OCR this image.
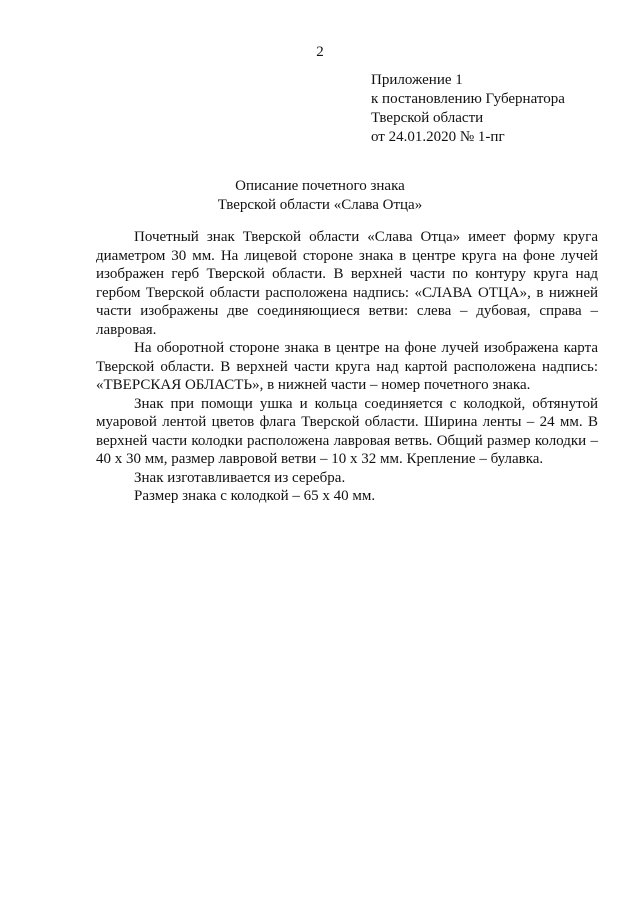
2
Приложение 1
к постановлению Губернатора
Тверской области
от 24.01.2020 № 1-пг
Описание почетного знака
Тверской области «Слава Отца»

Почетный знак Тверской области «Слава Отца» имеет форму круга диаметром 30 мм. На лицевой стороне знака в центре круга на фоне лучей изображен герб Тверской области. В верхней части по контуру круга над гербом Тверской области расположена надпись: «СЛАВА ОТЦА», в нижней части изображены две соединяющиеся ветви: слева – дубовая, справа – лавровая.

На оборотной стороне знака в центре на фоне лучей изображена карта Тверской области. В верхней части круга над картой расположена надпись: «ТВЕРСКАЯ ОБЛАСТЬ», в нижней части – номер почетного знака.

Знак при помощи ушка и кольца соединяется с колодкой, обтянутой муаровой лентой цветов флага Тверской области. Ширина ленты – 24 мм. В верхней части колодки расположена лавровая ветвь. Общий размер колодки – 40 х 30 мм, размер лавровой ветви – 10 х 32 мм. Крепление – булавка.

Знак изготавливается из серебра.

Размер знака с колодкой – 65 х 40 мм.
